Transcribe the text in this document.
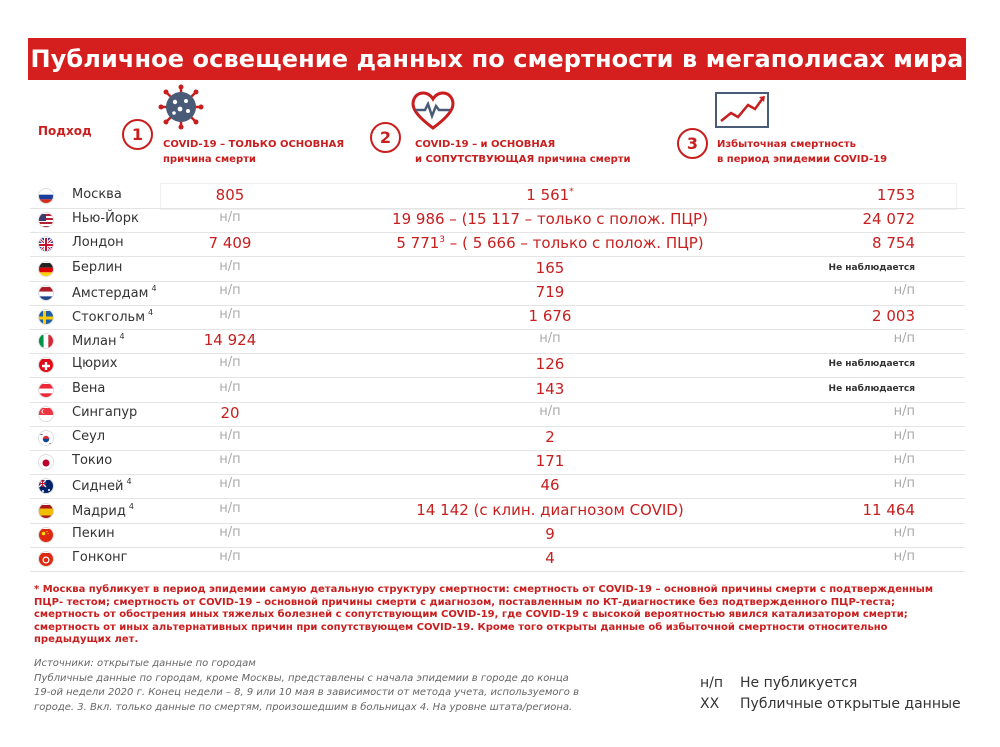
Публичное освещение данных по смертности в мегаполисах мира
Подход	1
COVID-19 – ТОЛЬКО ОСНОВНАЯ
причина смерти
2	COVID-19 – и ОСНОВНАЯ
и СОПУТСТВУЮЩАЯ причина смерти
3	Избыточная смертность
в период эпидемии COVID-19
Москва	805	1 561*	1753
Нью-Йорк	н/п	19 986 – (15 117 – только с полож. ПЦР)	24 072
Лондон	7 409	5 $771^3$ – ( 5 666 – только с полож. ПЦР)	8 754
Берлин	н/п	165	Не наблюдается
Амстердам $^4$	н/п	719	н/п
Стокгольм $^4$	н/п	1 676	2 003
Милан $^4$	14 924	н/п	н/п
Цюрих	н/п	126	Не наблюдается
Вена	н/п	143	Не наблюдается
Сингапур	20	н/п	н/п
Сеул	н/п	2	н/п
Токио	н/п	171	н/п
Сидней $^4$	н/п	46	н/п
Мадрид $^4$	н/п	14 142 (с клин. диагнозом COVID)	11 464
Пекин	н/п	9	н/п
Гонконг	н/п	4	н/п
* Москва публикует в период эпидемии самую детальную структуру смертности: смертность от COVID-19 – основной причины смерти с подтвержденным
ПЦР- тестом; смертность от COVID-19 – основной причины смерти с диагнозом, поставленным по КТ-диагностике без подтвержденного ПЦР-теста;
смертность от обострения иных тяжелых болезней с сопутствующим COVID-19, где COVID-19 с высокой вероятностью явился катализатором смерти;
смертность от иных альтернативных причин при сопутствующем COVID-19. Кроме того открыты данные об избыточной смертности относительно
предыдущих лет.
Источники: открытые данные по городам
Публичные данные по городам, кроме Москвы, представлены с начала эпидемии в городе до конца
19-ой недели 2020 г. Конец недели – 8, 9 или 10 мая в зависимости от метода учета, используемого в
городе. 3. Вкл. только данные по смертям, произошедшим в больницах 4. На уровне штата/региона.
н/п Не публикуется
XX Публичные открытые данные
